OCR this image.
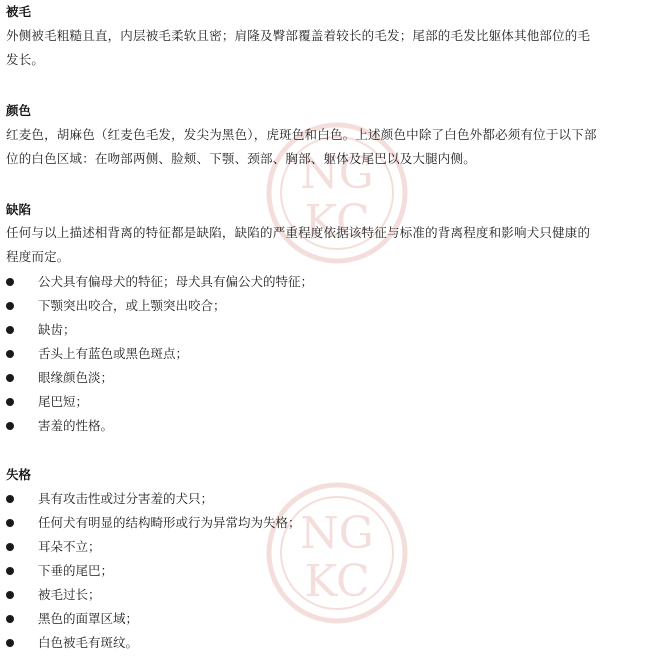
NG
KC
NG
KC
被毛
外侧被毛粗糙且直，内层被毛柔软且密；肩隆及臀部覆盖着较长的毛发；尾部的毛发比躯体其他部位的毛
发长。
颜色
红麦色，胡麻色（红麦色毛发，发尖为黑色），虎斑色和白色。上述颜色中除了白色外都必须有位于以下部
位的白色区域：在吻部两侧、脸颊、下颚、颈部、胸部、躯体及尾巴以及大腿内侧。
缺陷
任何与以上描述相背离的特征都是缺陷，缺陷的严重程度依据该特征与标准的背离程度和影响犬只健康的
程度而定。
公犬具有偏母犬的特征；母犬具有偏公犬的特征；
下颚突出咬合，或上颚突出咬合；
缺齿；
舌头上有蓝色或黑色斑点；
眼缘颜色淡；
尾巴短；
害羞的性格。
失格
具有攻击性或过分害羞的犬只；
任何犬有明显的结构畸形或行为异常均为失格；
耳朵不立；
下垂的尾巴；
被毛过长；
黑色的面罩区域；
白色被毛有斑纹。
